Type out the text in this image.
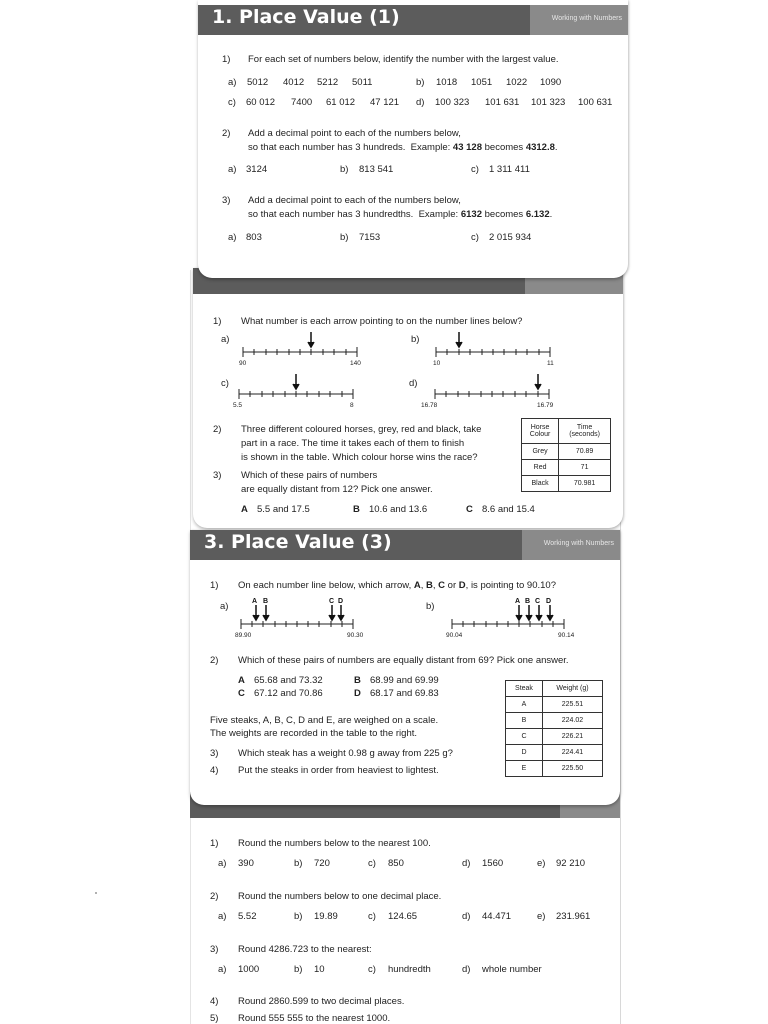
1) Round the numbers below to the nearest 100.
a) 390	b) 720	c) 850	d) 1560	e) 92 210
2) Round the numbers below to one decimal place.
a) 5.52	b) 19.89	c) 124.65	d) 44.471	e) 231.961
3) Round 4286.723 to the nearest:
a) 1000	b) 10	c) hundredth	d) whole number
4) Round 2860.599 to two decimal places.
5) Round 555 555 to the nearest 1000.
3. Place Value (3)	Working with Numbers
1) On each number line below, which arrow, A, B, C or D, is pointing to 90.10?
a)	A B	C D
89.90	90.30
b)	A B C D
90.04	90.14
2) Which of these pairs of numbers are equally distant from 69? Pick one answer.
A 65.68 and 73.32	B 68.99 and 69.99
C 67.12 and 70.86	D 68.17 and 69.83
Five steaks, A, B, C, D and E, are weighed on a scale.
The weights are recorded in the table to the right.
3) Which steak has a weight 0.98 g away from 225 g?
4) Put the steaks in order from heaviest to lightest.
Steak	Weight (g)
A	225.51
B	224.02
C	226.21
D	224.41
E	225.50
1) What number is each arrow pointing to on the number lines below?
a)
90	140
b)
10	11
c)
5.5	8
d)
16.78	16.79
2) Three different coloured horses, grey, red and black, take
part in a race. The time it takes each of them to finish
is shown in the table. Which colour horse wins the race?
3) Which of these pairs of numbers
are equally distant from 12? Pick one answer.
A 5.5 and 17.5	B 10.6 and 13.6	C 8.6 and 15.4
Horse
Colour	Time
(seconds)
Grey	70.89
Red	71
Black	70.981
1. Place Value (1)	Working with Numbers
1) For each set of numbers below, identify the number with the largest value.
a) 5012 4012 5212 5011	b) 1018 1051 1022 1090
c) 60 012 7400 61 012 47 121 d) 100 323 101 631 101 323 100 631
2) Add a decimal point to each of the numbers below,
so that each number has 3 hundreds. Example: 43 128 becomes 4312.8.
a) 3124	b) 813 541	c) 1 311 411
3) Add a decimal point to each of the numbers below,
so that each number has 3 hundredths. Example: 6132 becomes 6.132.
a) 803	b) 7153	c) 2 015 934
